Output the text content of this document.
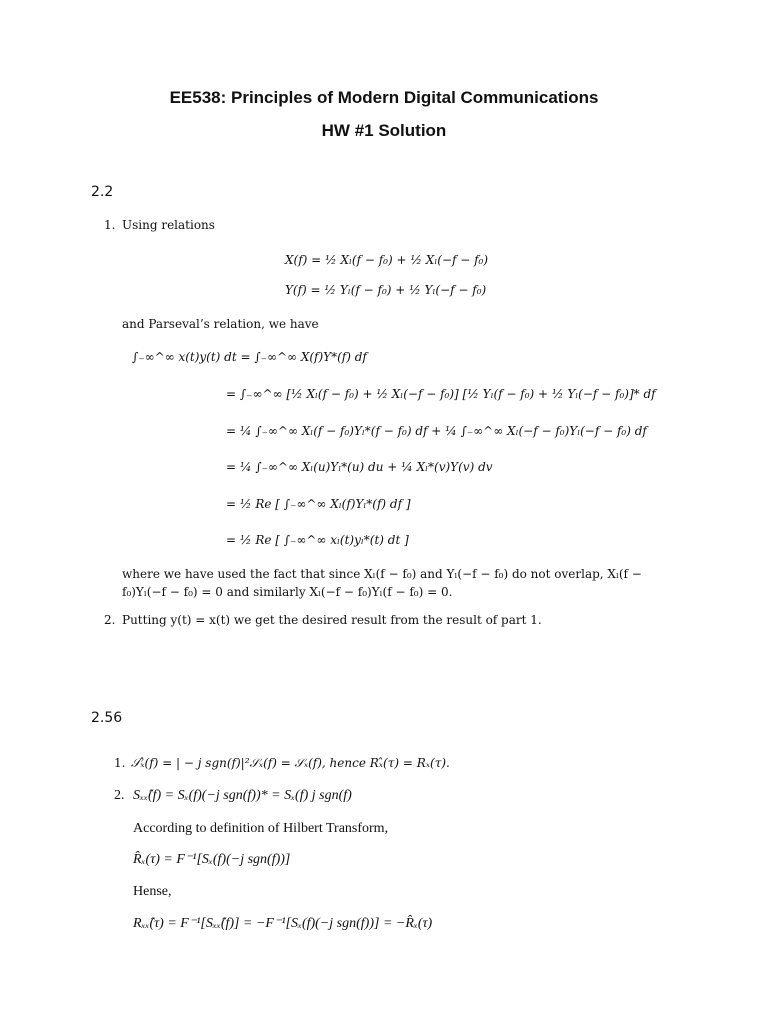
EE538: Principles of Modern Digital Communications
HW #1 Solution
2.2
1. Using relations
X(f) = ½ Xₗ(f − f₀) + ½ Xₗ(−f − f₀)
Y(f) = ½ Yₗ(f − f₀) + ½ Yₗ(−f − f₀)
and Parseval’s relation, we have
∫₋∞^∞ x(t)y(t) dt = ∫₋∞^∞ X(f)Y*(f) df
= ∫₋∞^∞ [½ Xₗ(f − f₀) + ½ Xₗ(−f − f₀)] [½ Yₗ(f − f₀) + ½ Yₗ(−f − f₀)]* df
= ¼ ∫₋∞^∞ Xₗ(f − f₀)Yₗ*(f − f₀) df + ¼ ∫₋∞^∞ Xₗ(−f − f₀)Yₗ(−f − f₀) df
= ¼ ∫₋∞^∞ Xₗ(u)Yₗ*(u) du + ¼ Xₗ*(v)Y(v) dv
= ½ Re [ ∫₋∞^∞ Xₗ(f)Yₗ*(f) df ]
= ½ Re [ ∫₋∞^∞ xₗ(t)yₗ*(t) dt ]
where we have used the fact that since Xₗ(f − f₀) and Yₗ(−f − f₀) do not overlap, Xₗ(f −
f₀)Yₗ(−f − f₀) = 0 and similarly Xₗ(−f − f₀)Yₗ(f − f₀) = 0.
2. Putting y(t) = x(t) we get the desired result from the result of part 1.
2.56
1. 𝒮ₓ̂(f) = | − j sgn(f)|²𝒮ₓ(f) = 𝒮ₓ(f), hence Rₓ̂(τ) = Rₓ(τ).
2. Sₓₓ̂(f) = Sₓ(f)(−j sgn(f))* = Sₓ(f) j sgn(f)
According to definition of Hilbert Transform,
R̂ₓ(τ) = F⁻¹[Sₓ(f)(−j sgn(f))]
Hense,
Rₓₓ̂(τ) = F⁻¹[Sₓₓ̂(f)] = −F⁻¹[Sₓ(f)(−j sgn(f))] = −R̂ₓ(τ)
